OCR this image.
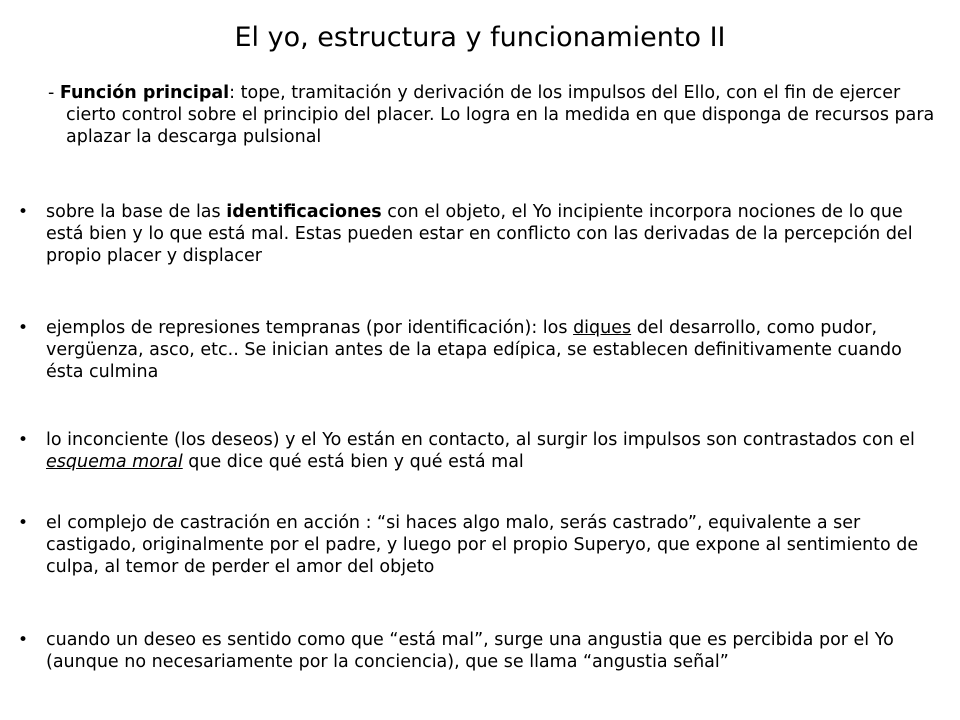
El yo, estructura y funcionamiento II
- Función principal: tope, tramitación y derivación de los impulsos del Ello, con el fin de ejercer cierto control sobre el principio del placer. Lo logra en la medida en que disponga de recursos para aplazar la descarga pulsional
• sobre la base de las identificaciones con el objeto, el Yo incipiente incorpora nociones de lo que está bien y lo que está mal. Estas pueden estar en conflicto con las derivadas de la percepción del propio placer y displacer
• ejemplos de represiones tempranas (por identificación): los diques del desarrollo, como pudor, vergüenza, asco, etc.. Se inician antes de la etapa edípica, se establecen definitivamente cuando ésta culmina
• lo inconciente (los deseos) y el Yo están en contacto, al surgir los impulsos son contrastados con el esquema moral que dice qué está bien y qué está mal
• el complejo de castración en acción : “si haces algo malo, serás castrado”, equivalente a ser castigado, originalmente por el padre, y luego por el propio Superyo, que expone al sentimiento de culpa, al temor de perder el amor del objeto
• cuando un deseo es sentido como que “está mal”, surge una angustia que es percibida por el Yo (aunque no necesariamente por la conciencia), que se llama “angustia señal”
